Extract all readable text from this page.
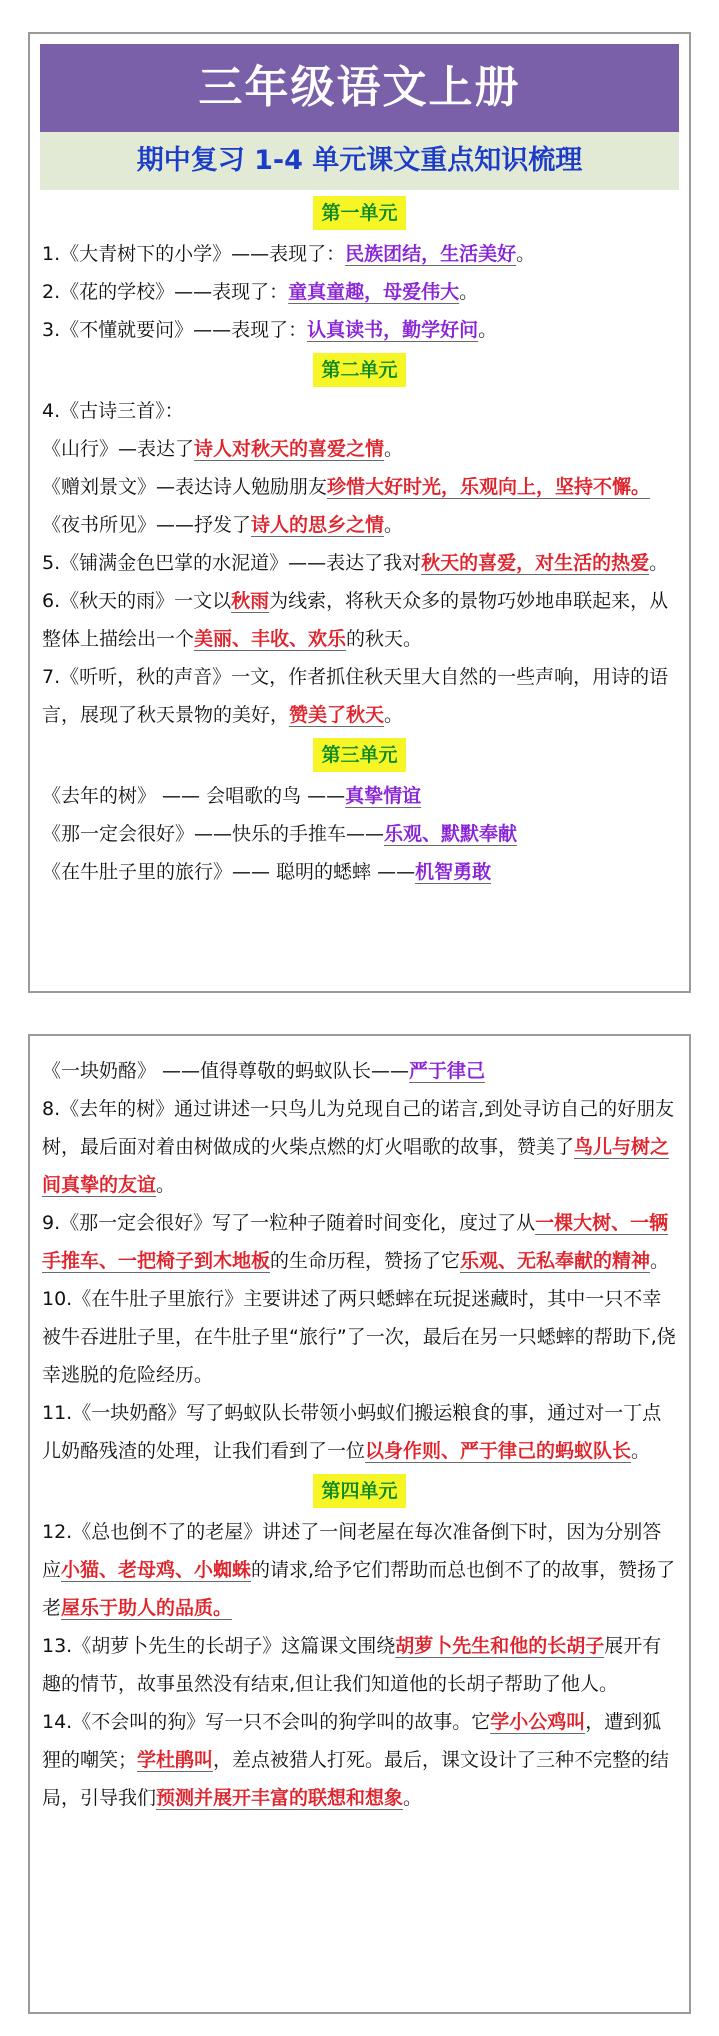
三年级语文上册
期中复习 1-4 单元课文重点知识梳理
第一单元
1.《大青树下的小学》——表现了：民族团结，生活美好。
2.《花的学校》——表现了：童真童趣，母爱伟大。
3.《不懂就要问》——表现了：认真读书，勤学好问。
第二单元
4.《古诗三首》：
《山行》—表达了诗人对秋天的喜爱之情。
《赠刘景文》—表达诗人勉励朋友珍惜大好时光，乐观向上，坚持不懈。
《夜书所见》——抒发了诗人的思乡之情。
5.《铺满金色巴掌的水泥道》——表达了我对秋天的喜爱，对生活的热爱。
6.《秋天的雨》一文以秋雨为线索，将秋天众多的景物巧妙地串联起来，从整体上描绘出一个美丽、丰收、欢乐的秋天。
7.《听听，秋的声音》一文，作者抓住秋天里大自然的一些声响，用诗的语言，展现了秋天景物的美好，赞美了秋天。
第三单元
《去年的树》 —— 会唱歌的鸟 ——真挚情谊
《那一定会很好》——快乐的手推车——乐观、默默奉献
《在牛肚子里的旅行》—— 聪明的蟋蟀 ——机智勇敢
《一块奶酪》 ——值得尊敬的蚂蚁队长——严于律己
8.《去年的树》通过讲述一只鸟儿为兑现自己的诺言,到处寻访自己的好朋友树，最后面对着由树做成的火柴点燃的灯火唱歌的故事，赞美了鸟儿与树之间真挚的友谊。
9.《那一定会很好》写了一粒种子随着时间变化，度过了从一棵大树、一辆手推车、一把椅子到木地板的生命历程，赞扬了它乐观、无私奉献的精神。
10.《在牛肚子里旅行》主要讲述了两只蟋蟀在玩捉迷藏时，其中一只不幸被牛吞进肚子里，在牛肚子里“旅行”了一次，最后在另一只蟋蟀的帮助下,侥幸逃脱的危险经历。
11.《一块奶酪》写了蚂蚁队长带领小蚂蚁们搬运粮食的事，通过对一丁点儿奶酪残渣的处理，让我们看到了一位以身作则、严于律己的蚂蚁队长。
第四单元
12.《总也倒不了的老屋》讲述了一间老屋在每次准备倒下时，因为分别答应小猫、老母鸡、小蜘蛛的请求,给予它们帮助而总也倒不了的故事，赞扬了老屋乐于助人的品质。
13.《胡萝卜先生的长胡子》这篇课文围绕胡萝卜先生和他的长胡子展开有趣的情节，故事虽然没有结束,但让我们知道他的长胡子帮助了他人。
14.《不会叫的狗》写一只不会叫的狗学叫的故事。它学小公鸡叫，遭到狐狸的嘲笑；学杜鹃叫，差点被猎人打死。最后，课文设计了三种不完整的结局，引导我们预测并展开丰富的联想和想象。
